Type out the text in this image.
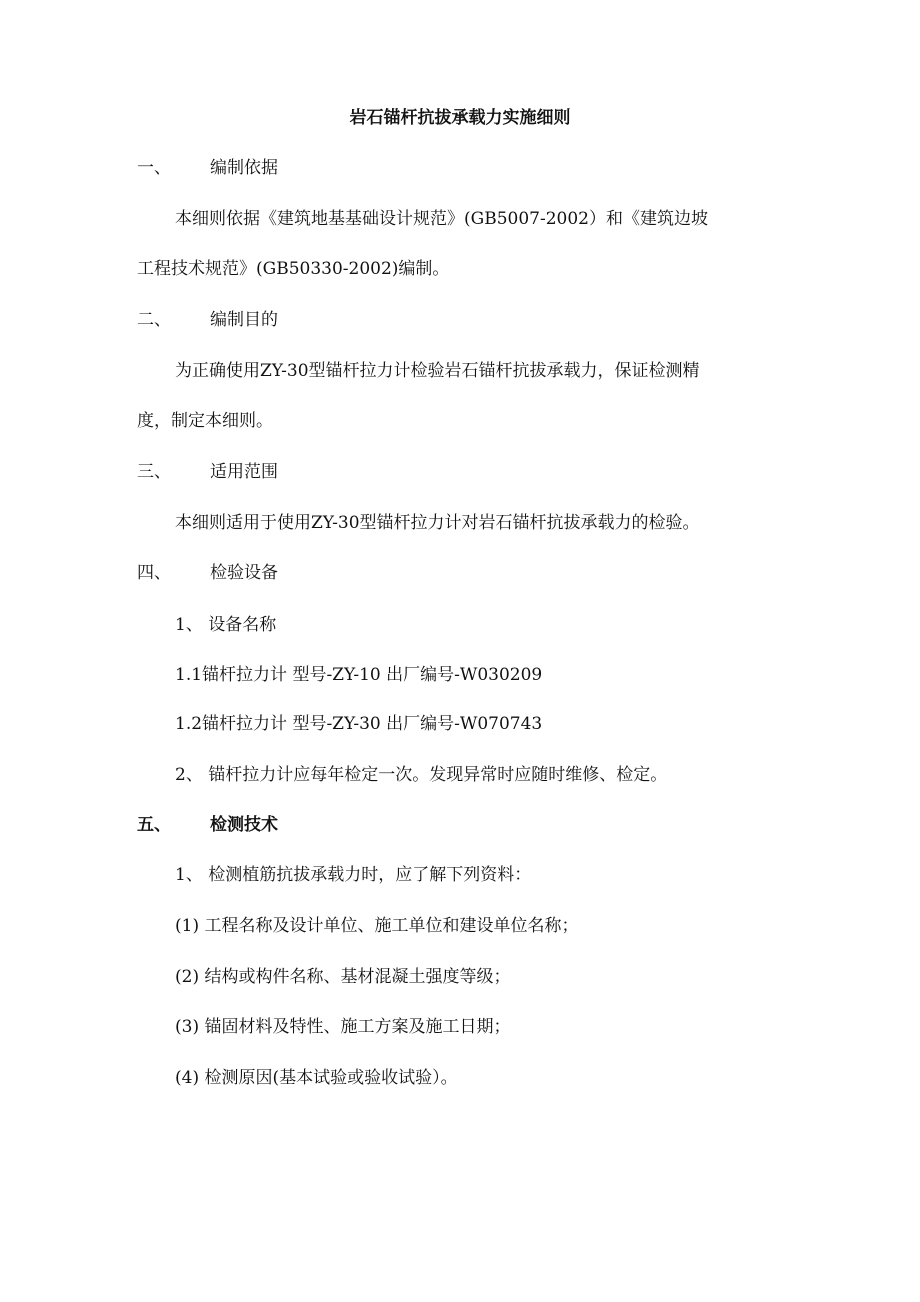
岩石锚杆抗拔承载力实施细则
一、 编制依据
本细则依据《建筑地基基础设计规范》(GB5007-2002）和《建筑边坡
工程技术规范》(GB50330-2002)编制。
二、 编制目的
为正确使用ZY-30型锚杆拉力计检验岩石锚杆抗拔承载力，保证检测精
度，制定本细则。
三、 适用范围
本细则适用于使用ZY-30型锚杆拉力计对岩石锚杆抗拔承载力的检验。
四、 检验设备
1、 设备名称
1.1锚杆拉力计 型号-ZY-10 出厂编号-W030209
1.2锚杆拉力计 型号-ZY-30 出厂编号-W070743
2、 锚杆拉力计应每年检定一次。发现异常时应随时维修、检定。
五、 检测技术
1、 检测植筋抗拔承载力时，应了解下列资料：
(1) 工程名称及设计单位、施工单位和建设单位名称；
(2) 结构或构件名称、基材混凝土强度等级；
(3) 锚固材料及特性、施工方案及施工日期；
(4) 检测原因(基本试验或验收试验）。
